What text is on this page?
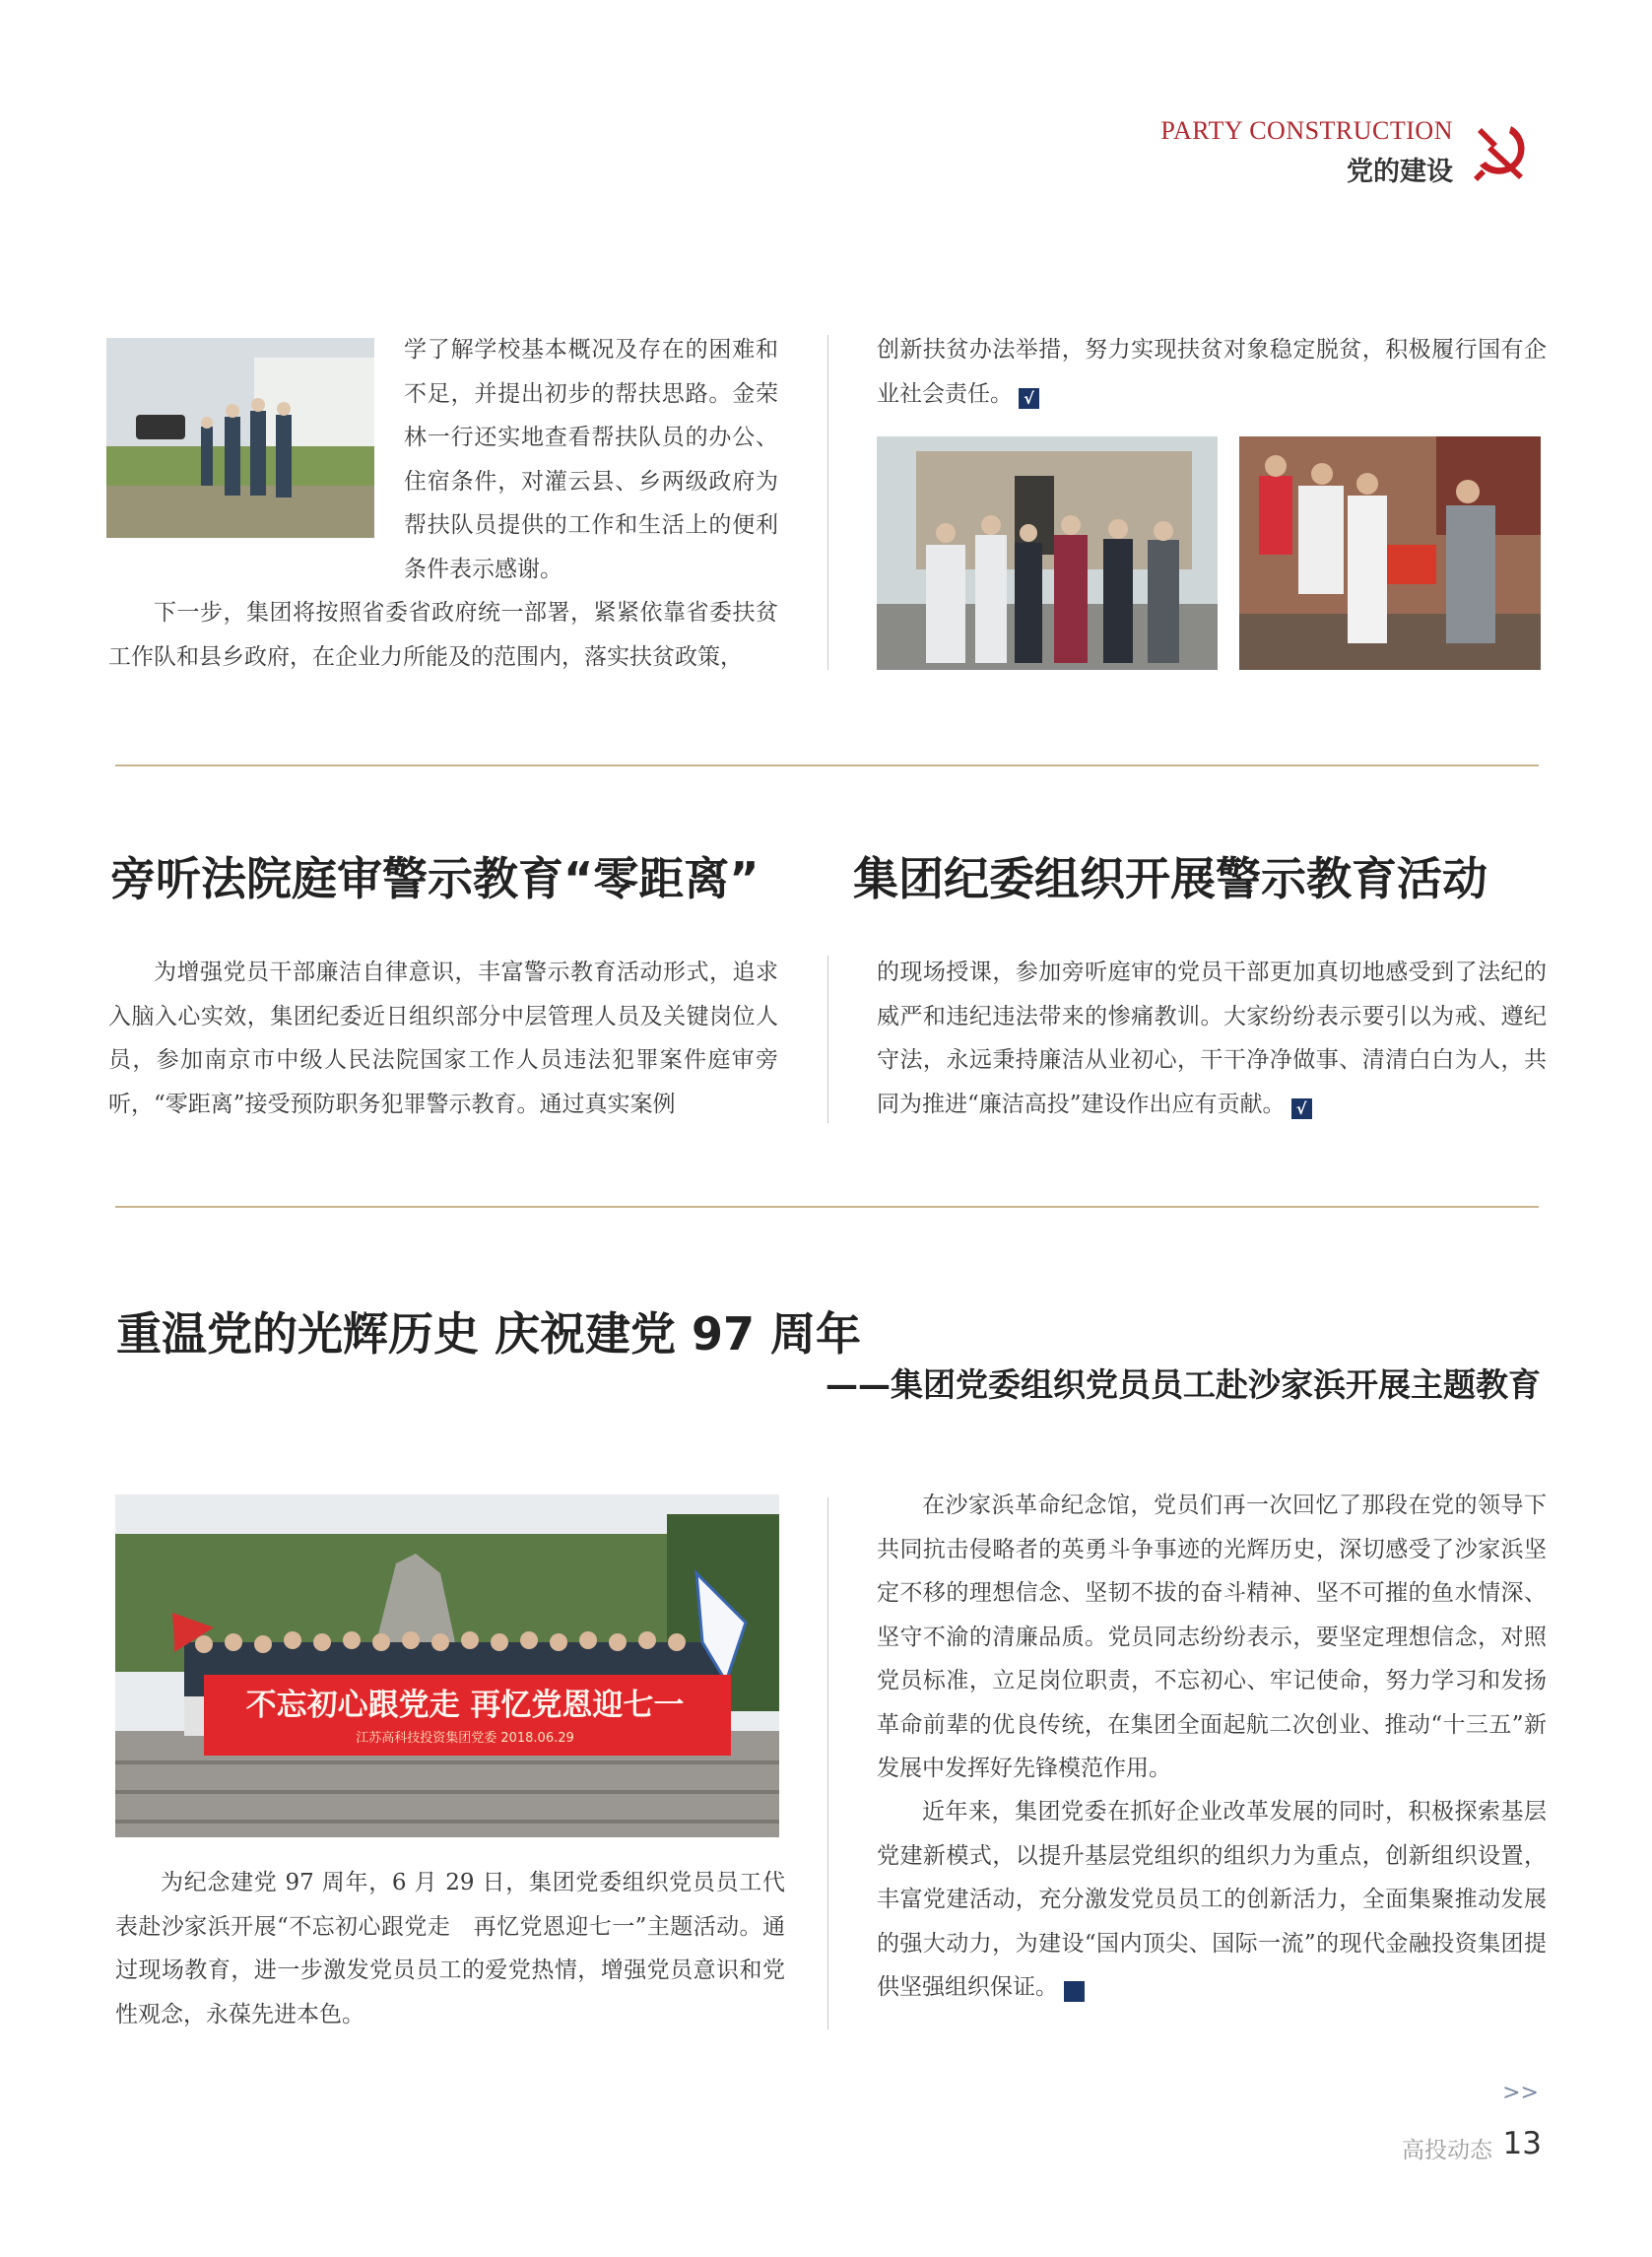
PARTY CONSTRUCTION
党的建设
学了解学校基本概况及存在的困难和不足，并提出初步的帮扶思路。金荣林一行还实地查看帮扶队员的办公、住宿条件，对灌云县、乡两级政府为帮扶队员提供的工作和生活上的便利条件表示感谢。
下一步，集团将按照省委省政府统一部署，紧紧依靠省委扶贫工作队和县乡政府，在企业力所能及的范围内，落实扶贫政策，
创新扶贫办法举措，努力实现扶贫对象稳定脱贫，积极履行国有企业社会责任。 √
旁听法院庭审警示教育“零距离” 集团纪委组织开展警示教育活动
为增强党员干部廉洁自律意识，丰富警示教育活动形式，追求入脑入心实效，集团纪委近日组织部分中层管理人员及关键岗位人员，参加南京市中级人民法院国家工作人员违法犯罪案件庭审旁听，“零距离”接受预防职务犯罪警示教育。通过真实案例
的现场授课，参加旁听庭审的党员干部更加真切地感受到了法纪的威严和违纪违法带来的惨痛教训。大家纷纷表示要引以为戒、遵纪守法，永远秉持廉洁从业初心，干干净净做事、清清白白为人，共同为推进“廉洁高投”建设作出应有贡献。 √
重温党的光辉历史 庆祝建党 97 周年
——集团党委组织党员员工赴沙家浜开展主题教育
不忘初心跟党走 再忆党恩迎七一
江苏高科技投资集团党委 2018.06.29
为纪念建党 97 周年，6 月 29 日，集团党委组织党员员工代表赴沙家浜开展“不忘初心跟党走　再忆党恩迎七一”主题活动。通过现场教育，进一步激发党员员工的爱党热情，增强党员意识和党性观念，永葆先进本色。
在沙家浜革命纪念馆，党员们再一次回忆了那段在党的领导下共同抗击侵略者的英勇斗争事迹的光辉历史，深切感受了沙家浜坚定不移的理想信念、坚韧不拔的奋斗精神、坚不可摧的鱼水情深、坚守不渝的清廉品质。党员同志纷纷表示，要坚定理想信念，对照党员标准，立足岗位职责，不忘初心、牢记使命，努力学习和发扬革命前辈的优良传统，在集团全面起航二次创业、推动“十三五”新发展中发挥好先锋模范作用。
近年来，集团党委在抓好企业改革发展的同时，积极探索基层党建新模式，以提升基层党组织的组织力为重点，创新组织设置，丰富党建活动，充分激发党员员工的创新活力，全面集聚推动发展的强大动力，为建设“国内顶尖、国际一流”的现代金融投资集团提供坚强组织保证。	√
>>
高投动态 13
